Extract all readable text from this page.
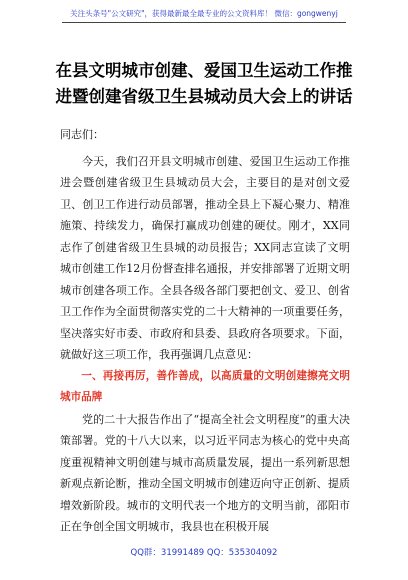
关注头条号"公文研究"，获得最新最全最专业的公文资料库！ 微信：gongwenyj
在县文明城市创建、爱国卫生运动工作推
进暨创建省级卫生县城动员大会上的讲话

同志们：

今天，我们召开县文明城市创建、爱国卫生运动工作推进会暨创建省级卫生县城动员大会，主要目的是对创文爱卫、创卫工作进行动员部署，推动全县上下凝心聚力、精准施策、持续发力，确保打赢成功创建的硬仗。刚才，XX同志作了创建省级卫生县城的动员报告；XX同志宣读了文明城市创建工作12月份督查排名通报，并安排部署了近期文明城市创建各项工作。全县各级各部门要把创文、爱卫、创省卫工作作为全面贯彻落实党的二十大精神的一项重要任务，坚决落实好市委、市政府和县委、县政府各项要求。下面，就做好这三项工作，我再强调几点意见：

一、再接再厉，善作善成，以高质量的文明创建擦亮文明城市品牌

党的二十大报告作出了“提高全社会文明程度”的重大决策部署。党的十八大以来，以习近平同志为核心的党中央高度重视精神文明创建与城市高质量发展，提出一系列新思想新观点新论断，推动全国文明城市创建迈向守正创新、提质增效新阶段。城市的文明代表一个地方的文明当前，邵阳市正在争创全国文明城市，我县也在积极开展

QQ群：31991489 QQ：535304092
